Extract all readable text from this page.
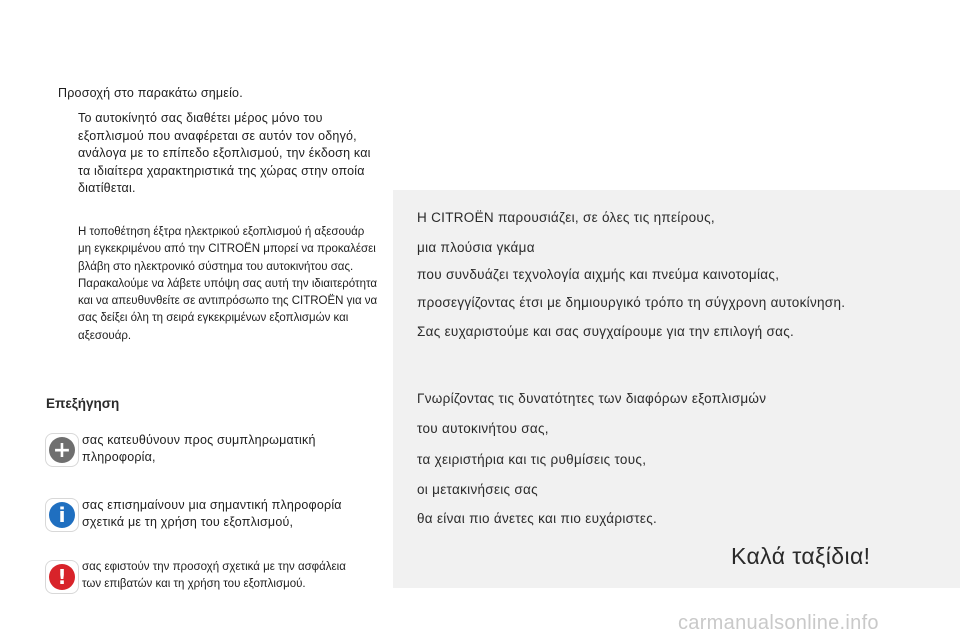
Προσοχή στο παρακάτω σημείο.
Το αυτοκίνητό σας διαθέτει μέρος μόνο του εξοπλισμού που αναφέρεται σε αυτόν τον οδηγό, ανάλογα με το επίπεδο εξοπλισμού, την έκδοση και τα ιδιαίτερα χαρακτηριστικά της χώρας στην οποία διατίθεται.
Η τοποθέτηση έξτρα ηλεκτρικού εξοπλισμού ή αξεσουάρ μη εγκεκριμένου από την CITROËN μπορεί να προκαλέσει βλάβη στο ηλεκτρονικό σύστημα του αυτοκινήτου σας. Παρακαλούμε να λάβετε υπόψη σας αυτή την ιδιαιτερότητα και να απευθυνθείτε σε αντιπρόσωπο της CITROËN για να σας δείξει όλη τη σειρά εγκεκριμένων εξοπλισμών και αξεσουάρ.
Επεξήγηση
+ σας κατευθύνουν προς συμπληρωματική πληροφορία,
i	σας επισημαίνουν μια σημαντική πληροφορία σχετικά με τη χρήση του εξοπλισμού,
!	σας εφιστούν την προσοχή σχετικά με την ασφάλεια των επιβατών και τη χρήση του εξοπλισμού.
Η CITROËN παρουσιάζει, σε όλες τις ηπείρους,
μια πλούσια γκάμα
που συνδυάζει τεχνολογία αιχμής και πνεύμα καινοτομίας,
προσεγγίζοντας έτσι με δημιουργικό τρόπο τη σύγχρονη αυτοκίνηση.
Σας ευχαριστούμε και σας συγχαίρουμε για την επιλογή σας.
Γνωρίζοντας τις δυνατότητες των διαφόρων εξοπλισμών
του αυτοκινήτου σας,
τα χειριστήρια και τις ρυθμίσεις τους,
οι μετακινήσεις σας
θα είναι πιο άνετες και πιο ευχάριστες.
Καλά ταξίδια!
carmanualsonline.info
